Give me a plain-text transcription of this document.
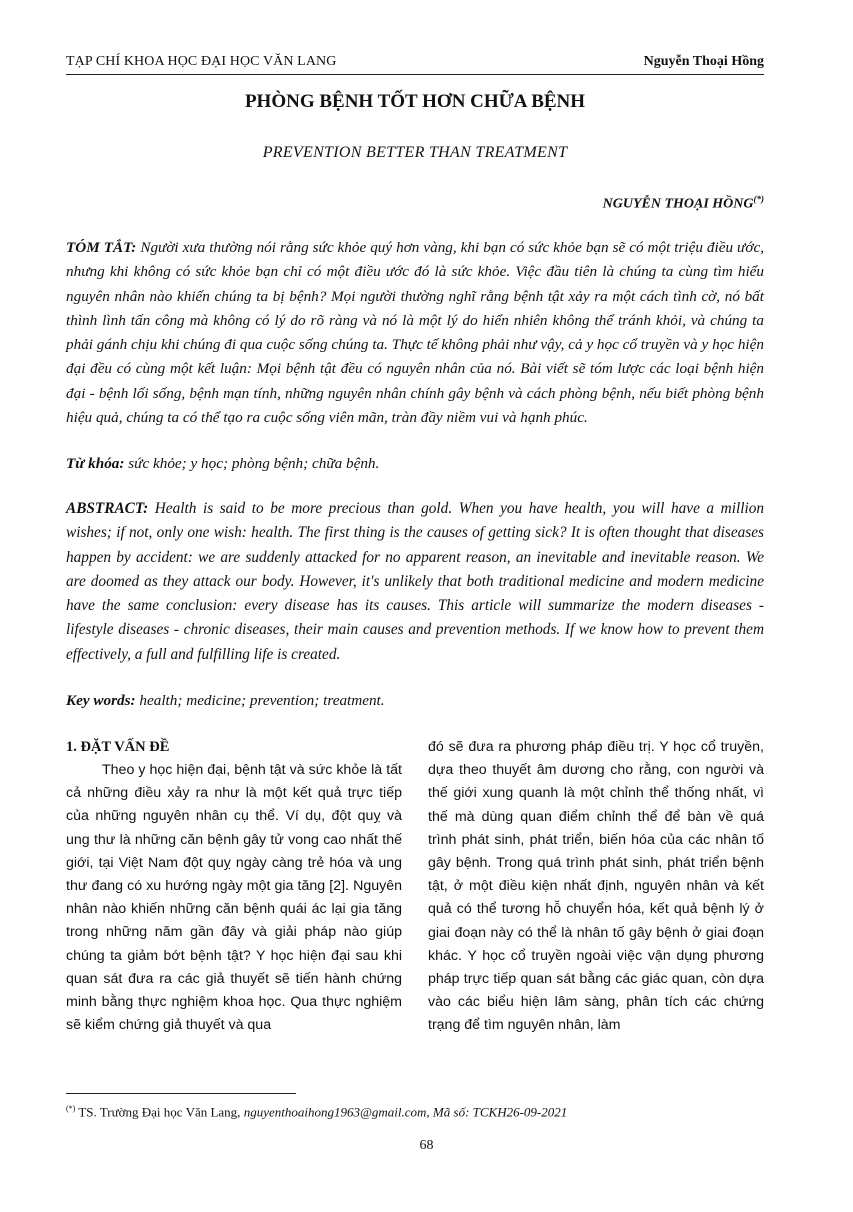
TẠP CHÍ KHOA HỌC ĐẠI HỌC VĂN LANG	Nguyễn Thoại Hồng
PHÒNG BỆNH TỐT HƠN CHỮA BỆNH
PREVENTION BETTER THAN TREATMENT
NGUYỄN THOẠI HỒNG(*)

TÓM TẮT: Người xưa thường nói rằng sức khỏe quý hơn vàng, khi bạn có sức khỏe bạn sẽ có một triệu điều ước, nhưng khi không có sức khỏe bạn chỉ có một điều ước đó là sức khỏe. Việc đầu tiên là chúng ta cùng tìm hiểu nguyên nhân nào khiến chúng ta bị bệnh? Mọi người thường nghĩ rằng bệnh tật xảy ra một cách tình cờ, nó bất thình lình tấn công mà không có lý do rõ ràng và nó là một lý do hiển nhiên không thể tránh khỏi, và chúng ta phải gánh chịu khi chúng đi qua cuộc sống chúng ta. Thực tế không phải như vậy, cả y học cổ truyền và y học hiện đại đều có cùng một kết luận: Mọi bệnh tật đều có nguyên nhân của nó. Bài viết sẽ tóm lược các loại bệnh hiện đại - bệnh lối sống, bệnh mạn tính, những nguyên nhân chính gây bệnh và cách phòng bệnh, nếu biết phòng bệnh hiệu quả, chúng ta có thể tạo ra cuộc sống viên mãn, tràn đầy niềm vui và hạnh phúc.

Từ khóa: sức khỏe; y học; phòng bệnh; chữa bệnh.

ABSTRACT: Health is said to be more precious than gold. When you have health, you will have a million wishes; if not, only one wish: health. The first thing is the causes of getting sick? It is often thought that diseases happen by accident: we are suddenly attacked for no apparent reason, an inevitable and inevitable reason. We are doomed as they attack our body. However, it's unlikely that both traditional medicine and modern medicine have the same conclusion: every disease has its causes. This article will summarize the modern diseases - lifestyle diseases - chronic diseases, their main causes and prevention methods. If we know how to prevent them effectively, a full and fulfilling life is created.

Key words: health; medicine; prevention; treatment.

1. ĐẶT VẤN ĐỀ

Theo y học hiện đại, bệnh tật và sức khỏe là tất cả những điều xảy ra như là một kết quả trực tiếp của những nguyên nhân cụ thể. Ví dụ, đột quỵ và ung thư là những căn bệnh gây tử vong cao nhất thế giới, tại Việt Nam đột quỵ ngày càng trẻ hóa và ung thư đang có xu hướng ngày một gia tăng [2]. Nguyên nhân nào khiến những căn bệnh quái ác lại gia tăng trong những năm gần đây và giải pháp nào giúp chúng ta giảm bớt bệnh tật? Y học hiện đại sau khi quan sát đưa ra các giả thuyết sẽ tiến hành chứng minh bằng thực nghiệm khoa học. Qua thực nghiệm sẽ kiểm chứng giả thuyết và qua

đó sẽ đưa ra phương pháp điều trị. Y học cổ truyền, dựa theo thuyết âm dương cho rằng, con người và thế giới xung quanh là một chỉnh thể thống nhất, vì thế mà dùng quan điểm chỉnh thể để bàn về quá trình phát sinh, phát triển, biến hóa của các nhân tố gây bệnh. Trong quá trình phát sinh, phát triển bệnh tật, ở một điều kiện nhất định, nguyên nhân và kết quả có thể tương hỗ chuyển hóa, kết quả bệnh lý ở giai đoạn này có thể là nhân tố gây bệnh ở giai đoạn khác. Y học cổ truyền ngoài việc vận dụng phương pháp trực tiếp quan sát bằng các giác quan, còn dựa vào các biểu hiện lâm sàng, phân tích các chứng trạng để tìm nguyên nhân, làm

(*) TS. Trường Đại học Văn Lang, nguyenthoaihong1963@gmail.com, Mã số: TCKH26-09-2021
68
